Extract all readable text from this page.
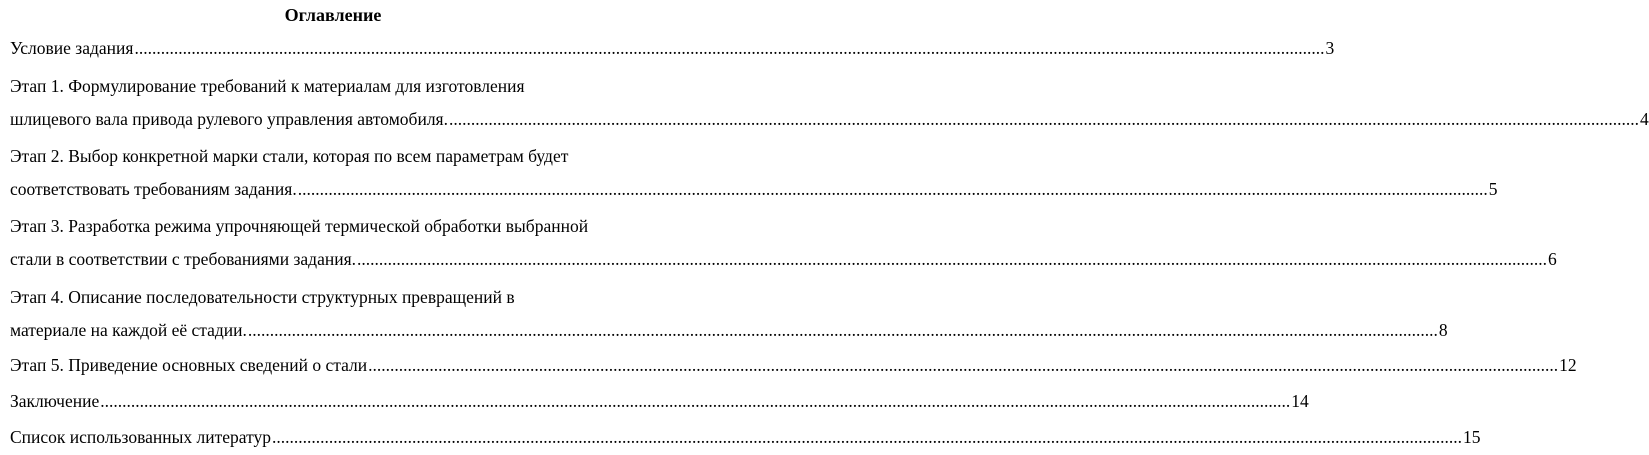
Оглавление
Условие задания ................................................................................................................................................................................................................................................................................ 3
Этап 1. Формулирование требований к материалам для изготовления
шлицевого вала привода рулевого управления автомобиля. ................................................................................................................................................................................................................................................................................ 4
Этап 2. Выбор конкретной марки стали, которая по всем параметрам будет
соответствовать требованиям задания. ................................................................................................................................................................................................................................................................................ 5
Этап 3. Разработка режима упрочняющей термической обработки выбранной
стали в соответствии с требованиями задания. ................................................................................................................................................................................................................................................................................ 6
Этап 4. Описание последовательности структурных превращений в
материале на каждой её стадии. ................................................................................................................................................................................................................................................................................ 8
Этап 5. Приведение основных сведений о стали ................................................................................................................................................................................................................................................................................ 12
Заключение ................................................................................................................................................................................................................................................................................ 14
Список использованных литератур ................................................................................................................................................................................................................................................................................ 15
